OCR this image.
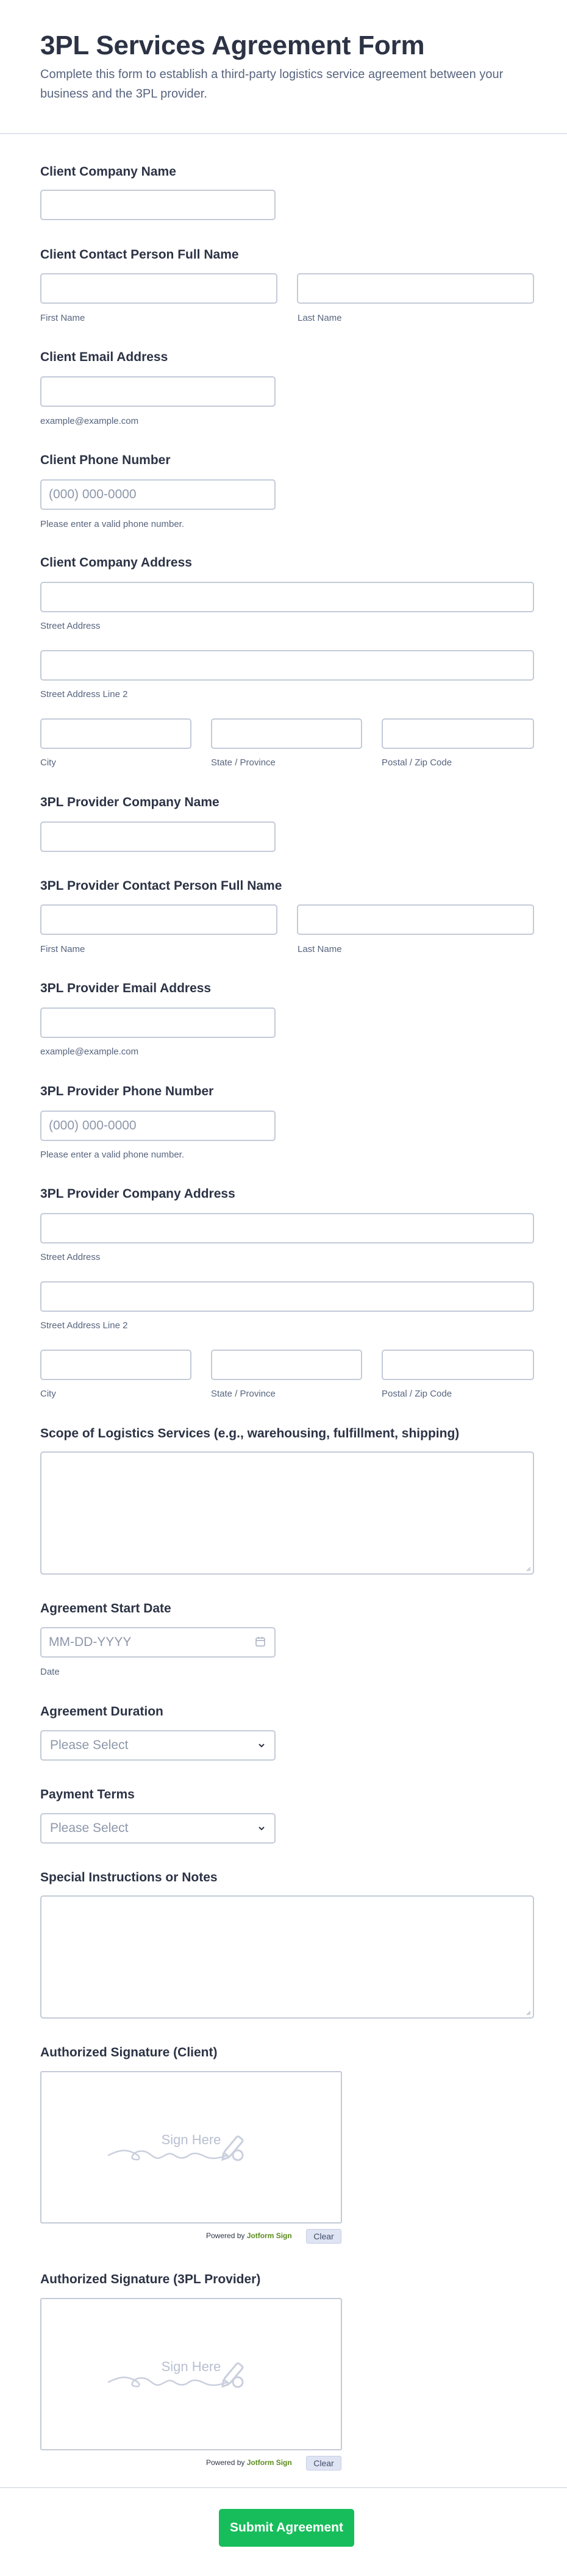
3PL Services Agreement Form

Complete this form to establish a third-party logistics service agreement between your business and the 3PL provider.

Client Company Name
Client Contact Person Full Name
First Name	Last Name
Client Email Address
example@example.com
Client Phone Number
(000) 000-0000
Please enter a valid phone number.
Client Company Address
Street Address
Street Address Line 2
City	State / Province	Postal / Zip Code
3PL Provider Company Name
3PL Provider Contact Person Full Name
First Name	Last Name
3PL Provider Email Address
example@example.com
3PL Provider Phone Number
(000) 000-0000
Please enter a valid phone number.
3PL Provider Company Address
Street Address
Street Address Line 2
City	State / Province	Postal / Zip Code
Scope of Logistics Services (e.g., warehousing, fulfillment, shipping)
Agreement Start Date
MM-DD-YYYY
Date
Agreement Duration
Please Select
Payment Terms
Please Select
Special Instructions or Notes
Authorized Signature (Client)
Sign Here
Powered by Jotform Sign	Clear
Authorized Signature (3PL Provider)
Sign Here
Powered by Jotform Sign	Clear
Submit Agreement
